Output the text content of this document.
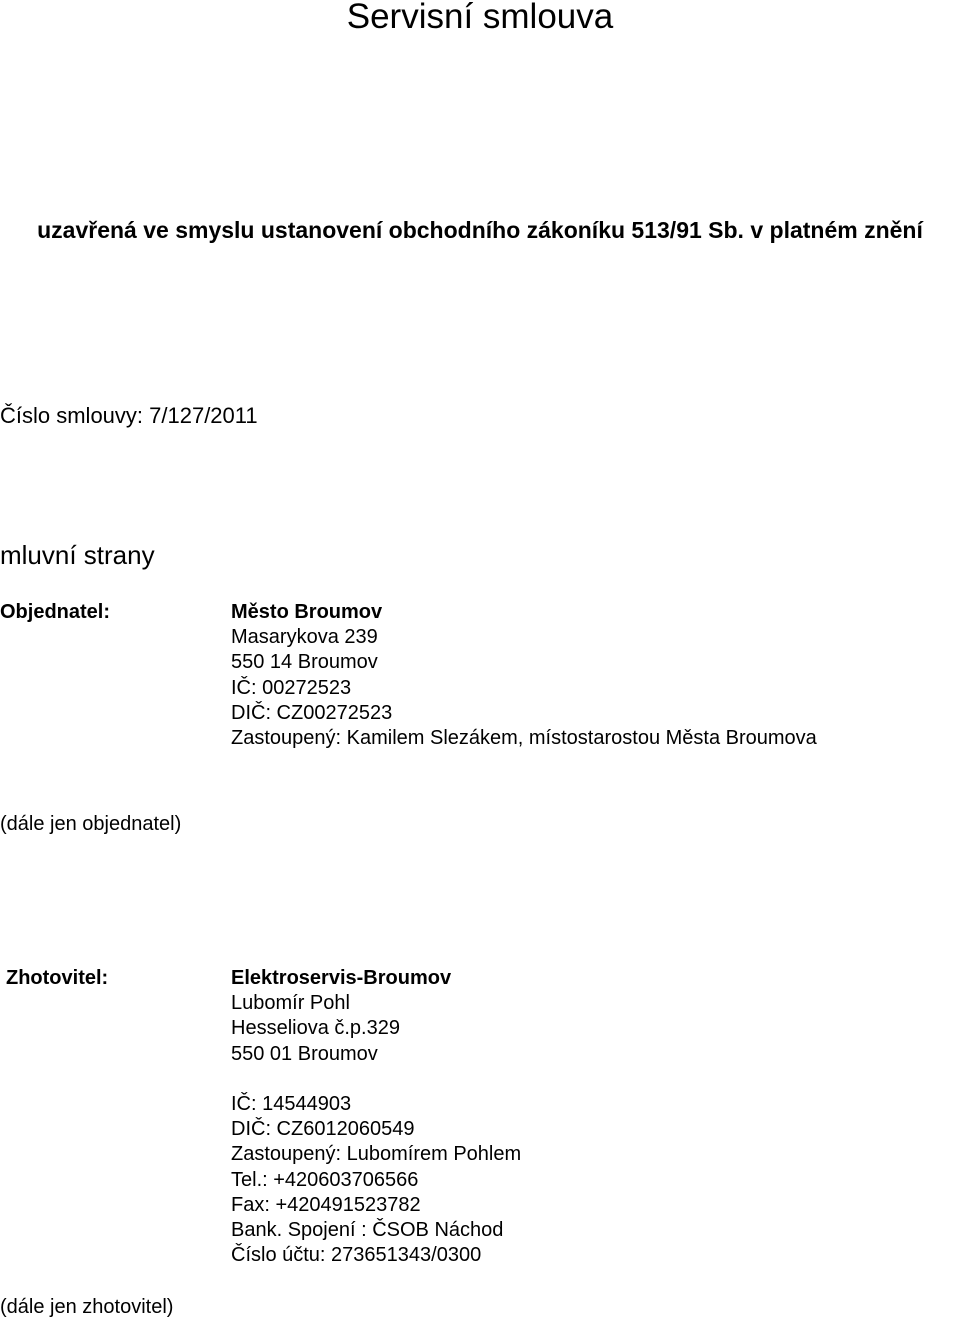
Servisní smlouva
uzavřená ve smyslu ustanovení obchodního zákoníku 513/91 Sb. v platném znění
Číslo smlouvy: 7/127/2011
mluvní strany
Objednatel:	Město Broumov
Masarykova 239
550 14 Broumov
IČ: 00272523
DIČ: CZ00272523
Zastoupený: Kamilem Slezákem, místostarostou Města Broumova
(dále jen objednatel)
Zhotovitel:	Elektroservis-Broumov
Lubomír Pohl
Hesseliova č.p.329
550 01 Broumov
IČ: 14544903
DIČ: CZ6012060549
Zastoupený: Lubomírem Pohlem
Tel.: +420603706566
Fax: +420491523782
Bank. Spojení : ČSOB Náchod
Číslo účtu: 273651343/0300
(dále jen zhotovitel)
